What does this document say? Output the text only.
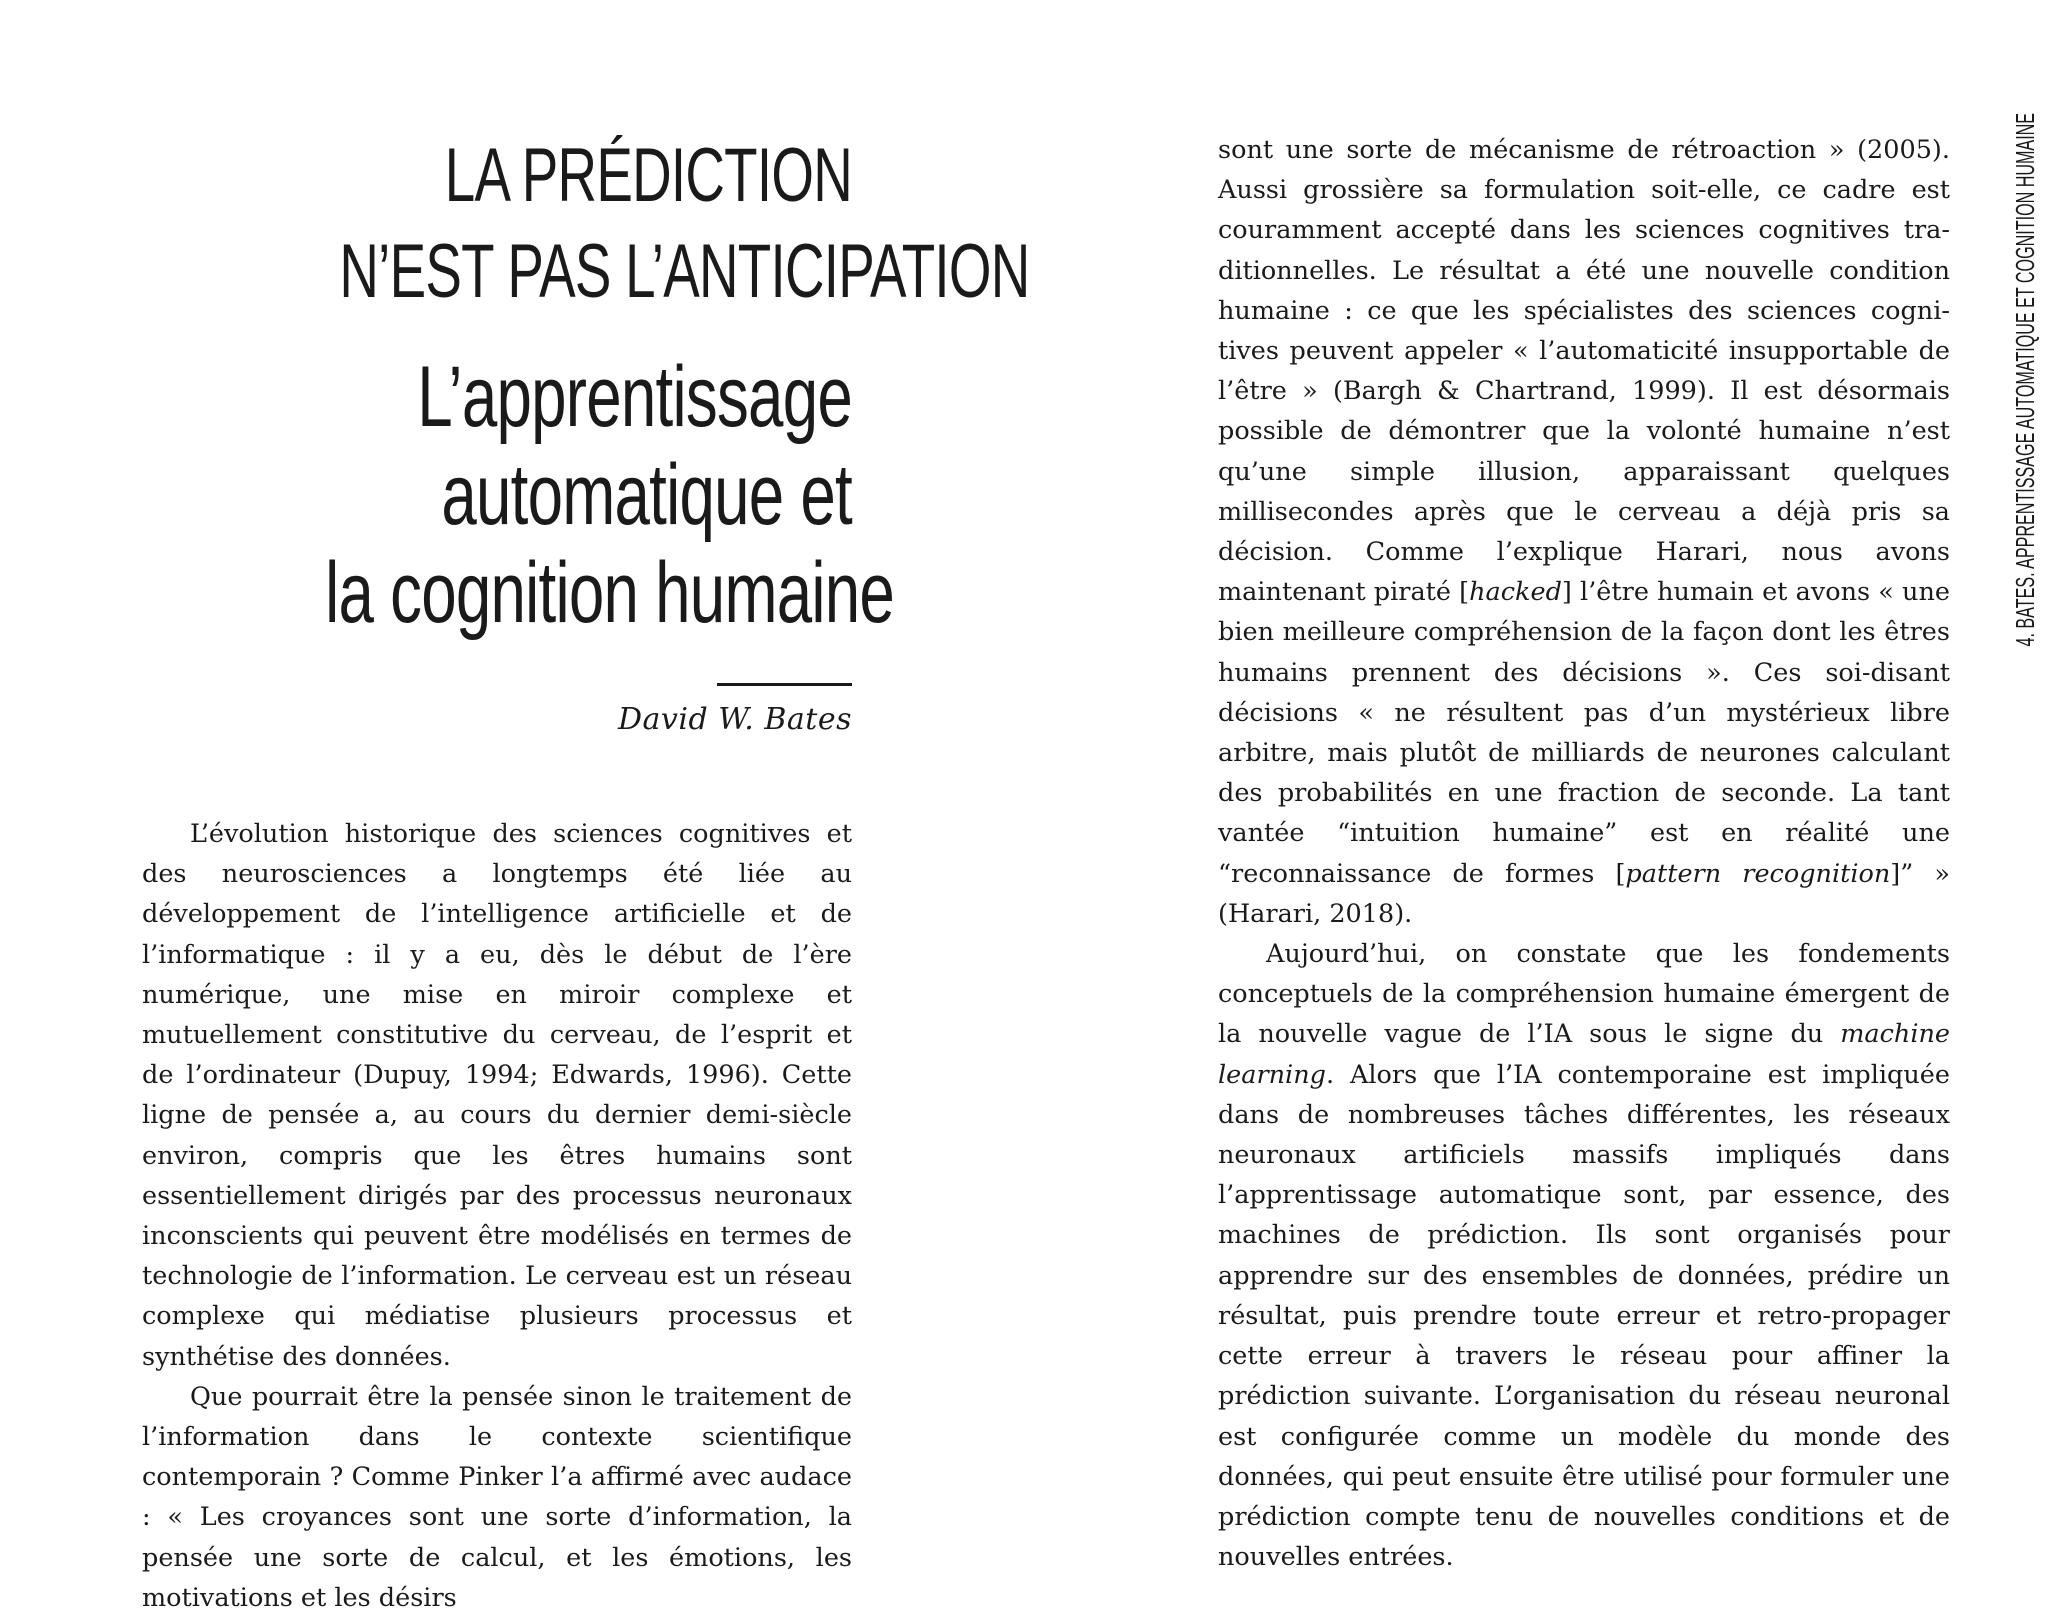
LA PRÉDICTION
N’EST PAS L’ANTICIPATION
L’apprentissage
automatique et
la cognition humaine
David W. Bates

L’évolution historique des sciences cognitives et des neurosciences a longtemps été liée au développement de l’intelligence artificielle et de l’informatique : il y a eu, dès le début de l’ère numérique, une mise en miroir complexe et mutuellement constitutive du cerveau, de l’esprit et de l’ordinateur (Dupuy, 1994; Edwards, 1996). Cette ligne de pensée a, au cours du dernier demi-siècle environ, compris que les êtres humains sont essentiellement dirigés par des processus neuronaux inconscients qui peuvent être modélisés en termes de technologie de l’information. Le cerveau est un réseau complexe qui médiatise plusieurs processus et synthétise des données.

Que pourrait être la pensée sinon le traitement de l’information dans le contexte scientifique contemporain ? Comme Pinker l’a affirmé avec audace : « Les croyances sont une sorte d’information, la pensée une sorte de calcul, et les émotions, les motivations et les désirs

sont une sorte de mécanisme de rétroaction » (2005). Aussi grossière sa formulation soit-elle, ce cadre est couramment accepté dans les sciences cognitives traditionnelles. Le résultat a été une nouvelle condition humaine : ce que les spécialistes des sciences cognitives peuvent appeler « l’automaticité insupportable de l’être » (Bargh & Chartrand, 1999). Il est désormais possible de démontrer que la volonté humaine n’est qu’une simple illusion, apparaissant quelques millisecondes après que le cerveau a déjà pris sa décision. Comme l’explique Harari, nous avons maintenant piraté [hacked] l’être humain et avons « une bien meilleure compréhension de la façon dont les êtres humains prennent des décisions ». Ces soi-disant décisions « ne résultent pas d’un mystérieux libre arbitre, mais plutôt de milliards de neurones calculant des probabilités en une fraction de seconde. La tant vantée “intuition humaine” est en réalité une “reconnaissance de formes [pattern recognition]” » (Harari, 2018).

Aujourd’hui, on constate que les fondements conceptuels de la compréhension humaine émergent de la nouvelle vague de l’IA sous le signe du machine learning. Alors que l’IA contemporaine est impliquée dans de nombreuses tâches différentes, les réseaux neuronaux artificiels massifs impliqués dans l’apprentissage automatique sont, par essence, des machines de prédiction. Ils sont organisés pour apprendre sur des ensembles de données, prédire un résultat, puis prendre toute erreur et retro-propager cette erreur à travers le réseau pour affiner la prédiction suivante. L’organisation du réseau neuronal est configurée comme un modèle du monde des données, qui peut ensuite être utilisé pour formuler une prédiction compte tenu de nouvelles conditions et de nouvelles entrées.

4. BATES. APPRENTISSAGE AUTOMATIQUE ET COGNITION HUMAINE
